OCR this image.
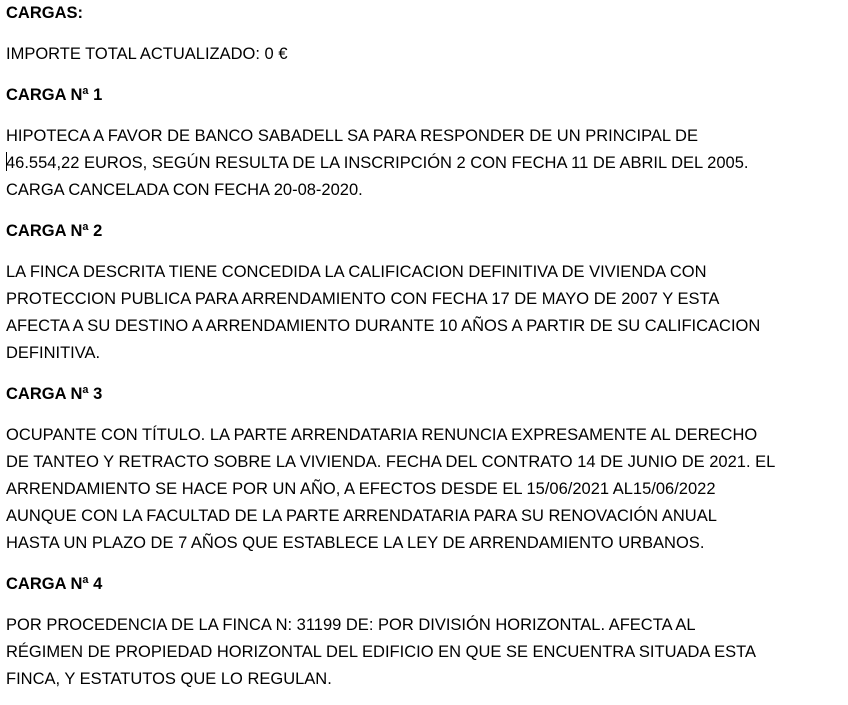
CARGAS:
IMPORTE TOTAL ACTUALIZADO: 0 €
CARGA Nª 1
HIPOTECA A FAVOR DE BANCO SABADELL SA PARA RESPONDER DE UN PRINCIPAL DE
46.554,22 EUROS, SEGÚN RESULTA DE LA INSCRIPCIÓN 2 CON FECHA 11 DE ABRIL DEL 2005.
CARGA CANCELADA CON FECHA 20-08-2020.
CARGA Nª 2
LA FINCA DESCRITA TIENE CONCEDIDA LA CALIFICACION DEFINITIVA DE VIVIENDA CON
PROTECCION PUBLICA PARA ARRENDAMIENTO CON FECHA 17 DE MAYO DE 2007 Y ESTA
AFECTA A SU DESTINO A ARRENDAMIENTO DURANTE 10 AÑOS A PARTIR DE SU CALIFICACION
DEFINITIVA.
CARGA Nª 3
OCUPANTE CON TÍTULO. LA PARTE ARRENDATARIA RENUNCIA EXPRESAMENTE AL DERECHO
DE TANTEO Y RETRACTO SOBRE LA VIVIENDA. FECHA DEL CONTRATO 14 DE JUNIO DE 2021. EL
ARRENDAMIENTO SE HACE POR UN AÑO, A EFECTOS DESDE EL 15/06/2021 AL15/06/2022
AUNQUE CON LA FACULTAD DE LA PARTE ARRENDATARIA PARA SU RENOVACIÓN ANUAL
HASTA UN PLAZO DE 7 AÑOS QUE ESTABLECE LA LEY DE ARRENDAMIENTO URBANOS.
CARGA Nª 4
POR PROCEDENCIA DE LA FINCA N: 31199 DE: POR DIVISIÓN HORIZONTAL. AFECTA AL
RÉGIMEN DE PROPIEDAD HORIZONTAL DEL EDIFICIO EN QUE SE ENCUENTRA SITUADA ESTA
FINCA, Y ESTATUTOS QUE LO REGULAN.
